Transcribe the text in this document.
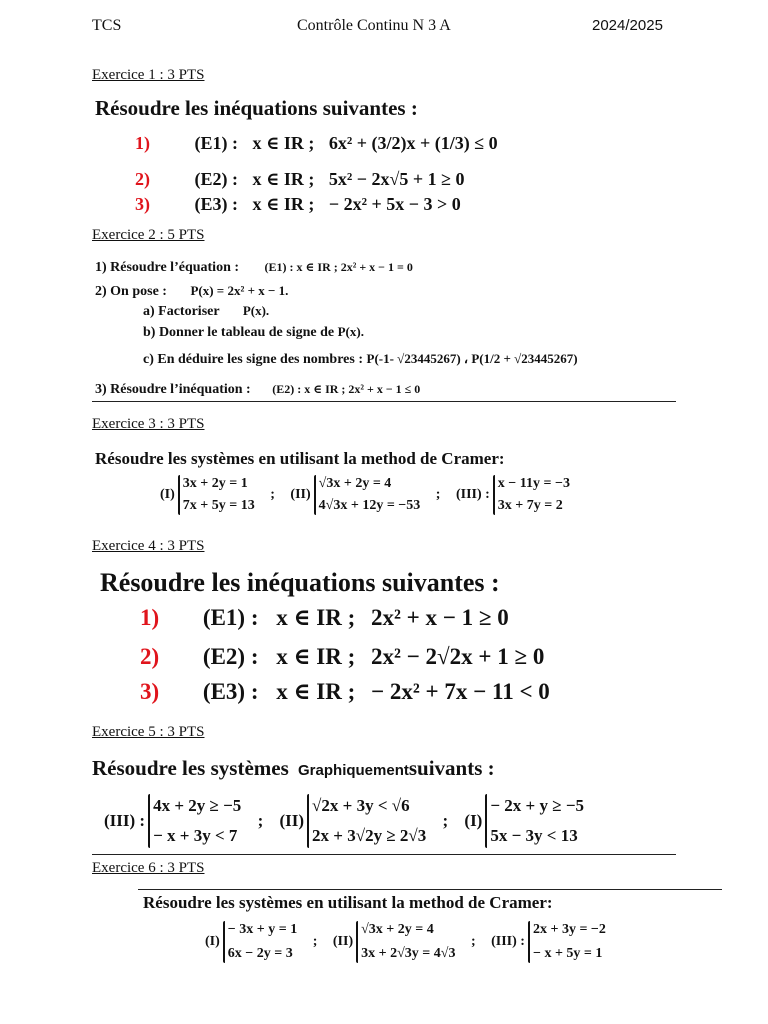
TCS	Contrôle Continu N 3 A	2024/2025
Exercice 1 : 3 PTS
Résoudre les inéquations suivantes :
1) (E1) : x ∈ IR ; 6x² + (3/2)x + (1/3) ≤ 0
2) (E2) : x ∈ IR ; 5x² − 2x√5 + 1 ≥ 0
3) (E3) : x ∈ IR ; − 2x² + 5x − 3 > 0
Exercice 2 : 5 PTS
1) Résoudre l’équation : (E1) : x ∈ IR ; 2x² + x − 1 = 0
2) On pose : P(x) = 2x² + x − 1.
a) Factoriser P(x).
b) Donner le tableau de signe de P(x).
c) En déduire les signe des nombres : P(-1- √23445267) ، P(1/2 + √23445267)
3) Résoudre l’inéquation : (E2) : x ∈ IR ; 2x² + x − 1 ≤ 0
Exercice 3 : 3 PTS
Résoudre les systèmes en utilisant la method de Cramer:
(I)
3x + 2y = 1
7x + 5y = 13
; (II)
√3x + 2y = 4
4√3x + 12y = −53
; (III) :
x − 11y = −3
3x + 7y = 2
Exercice 4 : 3 PTS
Résoudre les inéquations suivantes :
1) (E1) : x ∈ IR ; 2x² + x − 1 ≥ 0
2) (E2) : x ∈ IR ; 2x² − 2√2x + 1 ≥ 0
3) (E3) : x ∈ IR ; − 2x² + 7x − 11 < 0
Exercice 5 : 3 PTS
Résoudre les systèmes Graphiquementsuivants :
(III) :
4x + 2y ≥ −5
− x + 3y < 7
; (II)
√2x + 3y < √6
2x + 3√2y ≥ 2√3
; (I)
− 2x + y ≥ −5
5x − 3y < 13
Exercice 6 : 3 PTS
Résoudre les systèmes en utilisant la method de Cramer:
(I)
− 3x + y = 1
6x − 2y = 3
; (II)
√3x + 2y = 4
3x + 2√3y = 4√3
; (III) :
2x + 3y = −2
− x + 5y = 1
